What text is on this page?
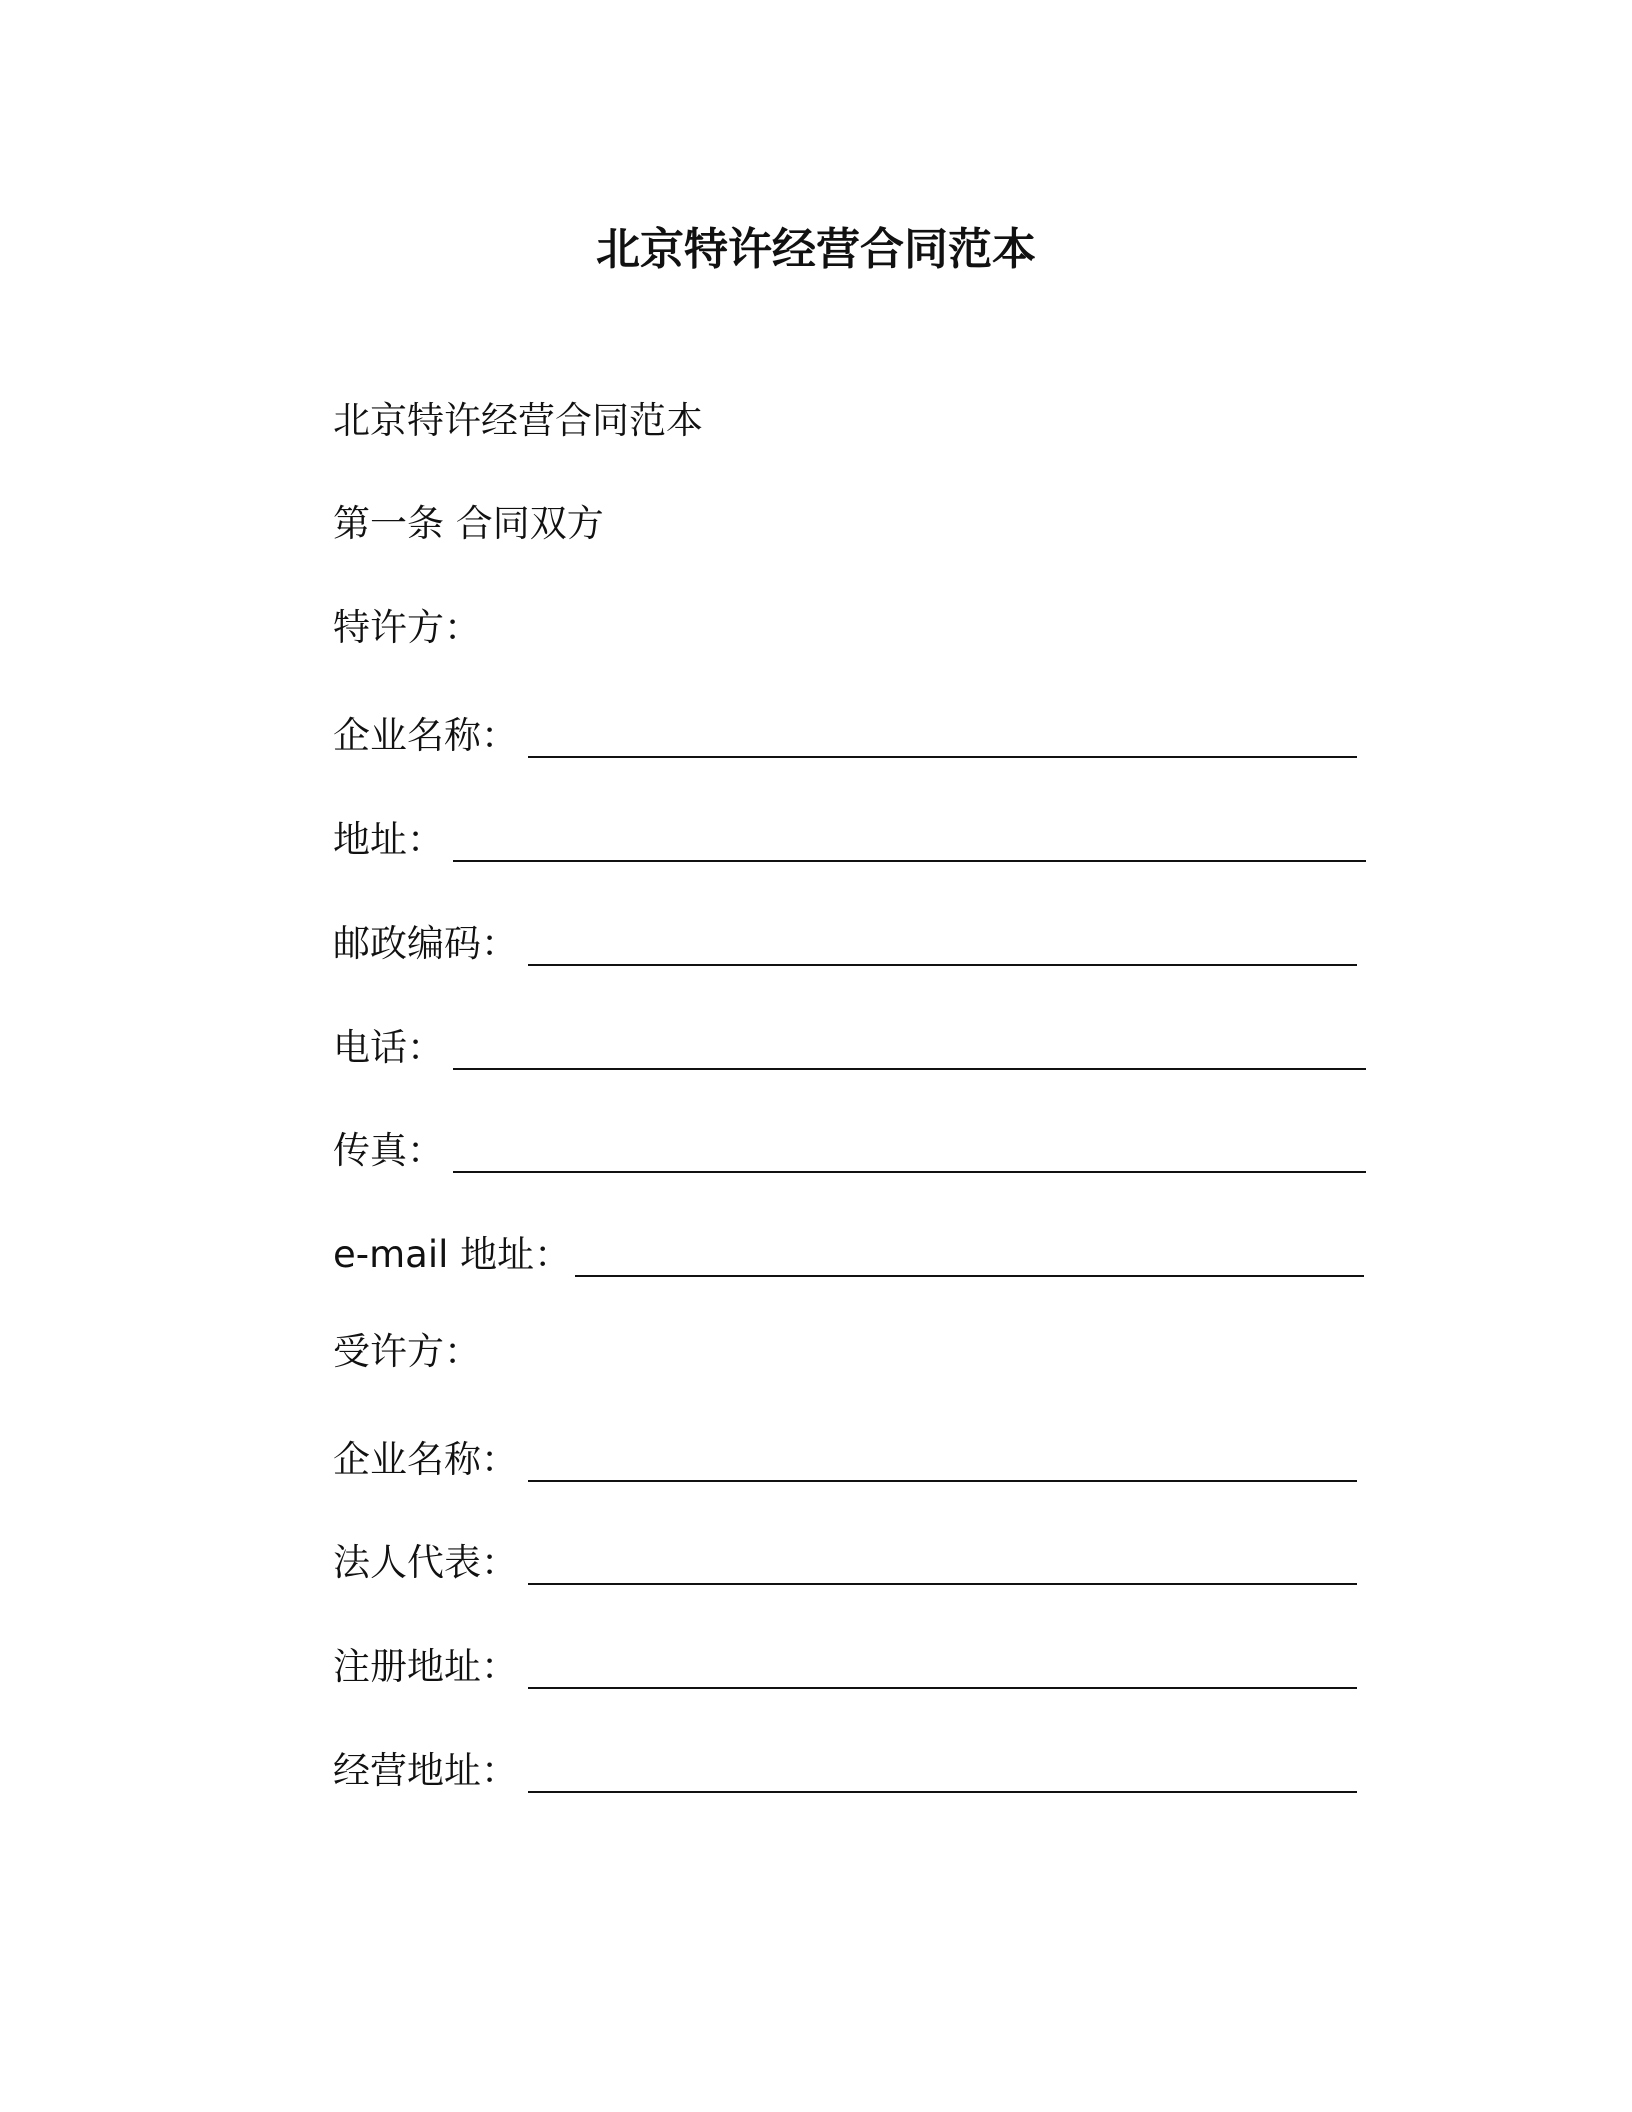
北京特许经营合同范本
北京特许经营合同范本
第一条 合同双方
特许方：
企业名称：
地址：
邮政编码：
电话：
传真：
e-mail 地址：
受许方：
企业名称：
法人代表：
注册地址：
经营地址：
